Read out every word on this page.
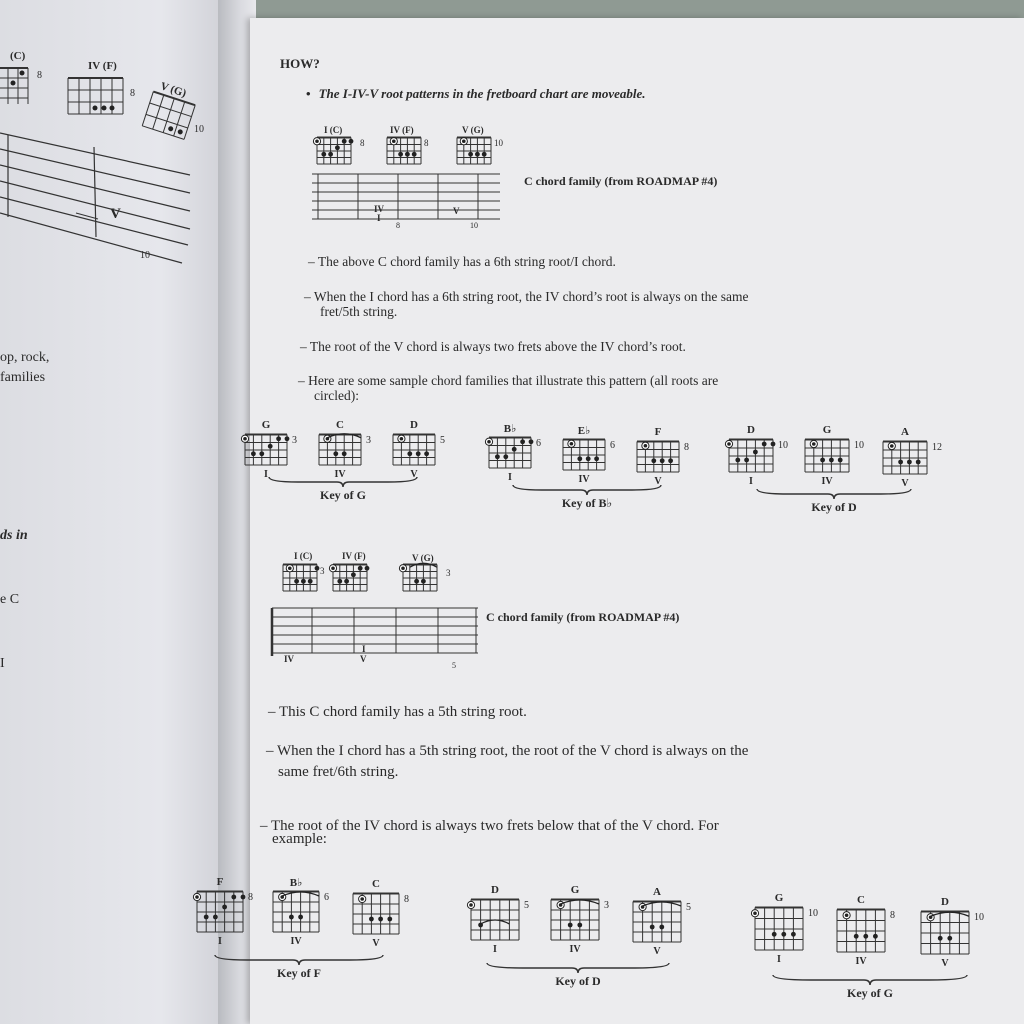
(C)
8
IV (F)
8 V (G)
10
V
10
op, rock,
families
ds in
e C
I
HOW?
• The I-IV-V root patterns in the fretboard chart are moveable.
I (C)	IV (F)	V (G)
8	8	10
IV
I
V
8	10
C chord family (from ROADMAP #4)
– The above C chord family has a 6th string root/I chord.
– When the I chord has a 6th string root, the IV chord’s root is always on the same
fret/5th string.
– The root of the V chord is always two frets above the IV chord’s root.
– Here are some sample chord families that illustrate this pattern (all roots are
circled):
G
3
I
C
3
IV
D
5
V
Key of G
B♭
6
I
E♭
6
IV
F
8
V
Key of B♭
D
10
I
G
10
IV
A
12
V
Key of D
I (C)	IV (F)	V (G)
3	3
IV
I
V
5
C chord family (from ROADMAP #4)
– This C chord family has a 5th string root.
– When the I chord has a 5th string root, the root of the V chord is always on the
same fret/6th string.
– The root of the IV chord is always two frets below that of the V chord. For
example:
F
8
I
B♭
6
IV
C
8
V
Key of F
D
5
I
G
3
IV
A
5
V
Key of D
G
10
I
C
8
IV
D
10
V
Key of G
